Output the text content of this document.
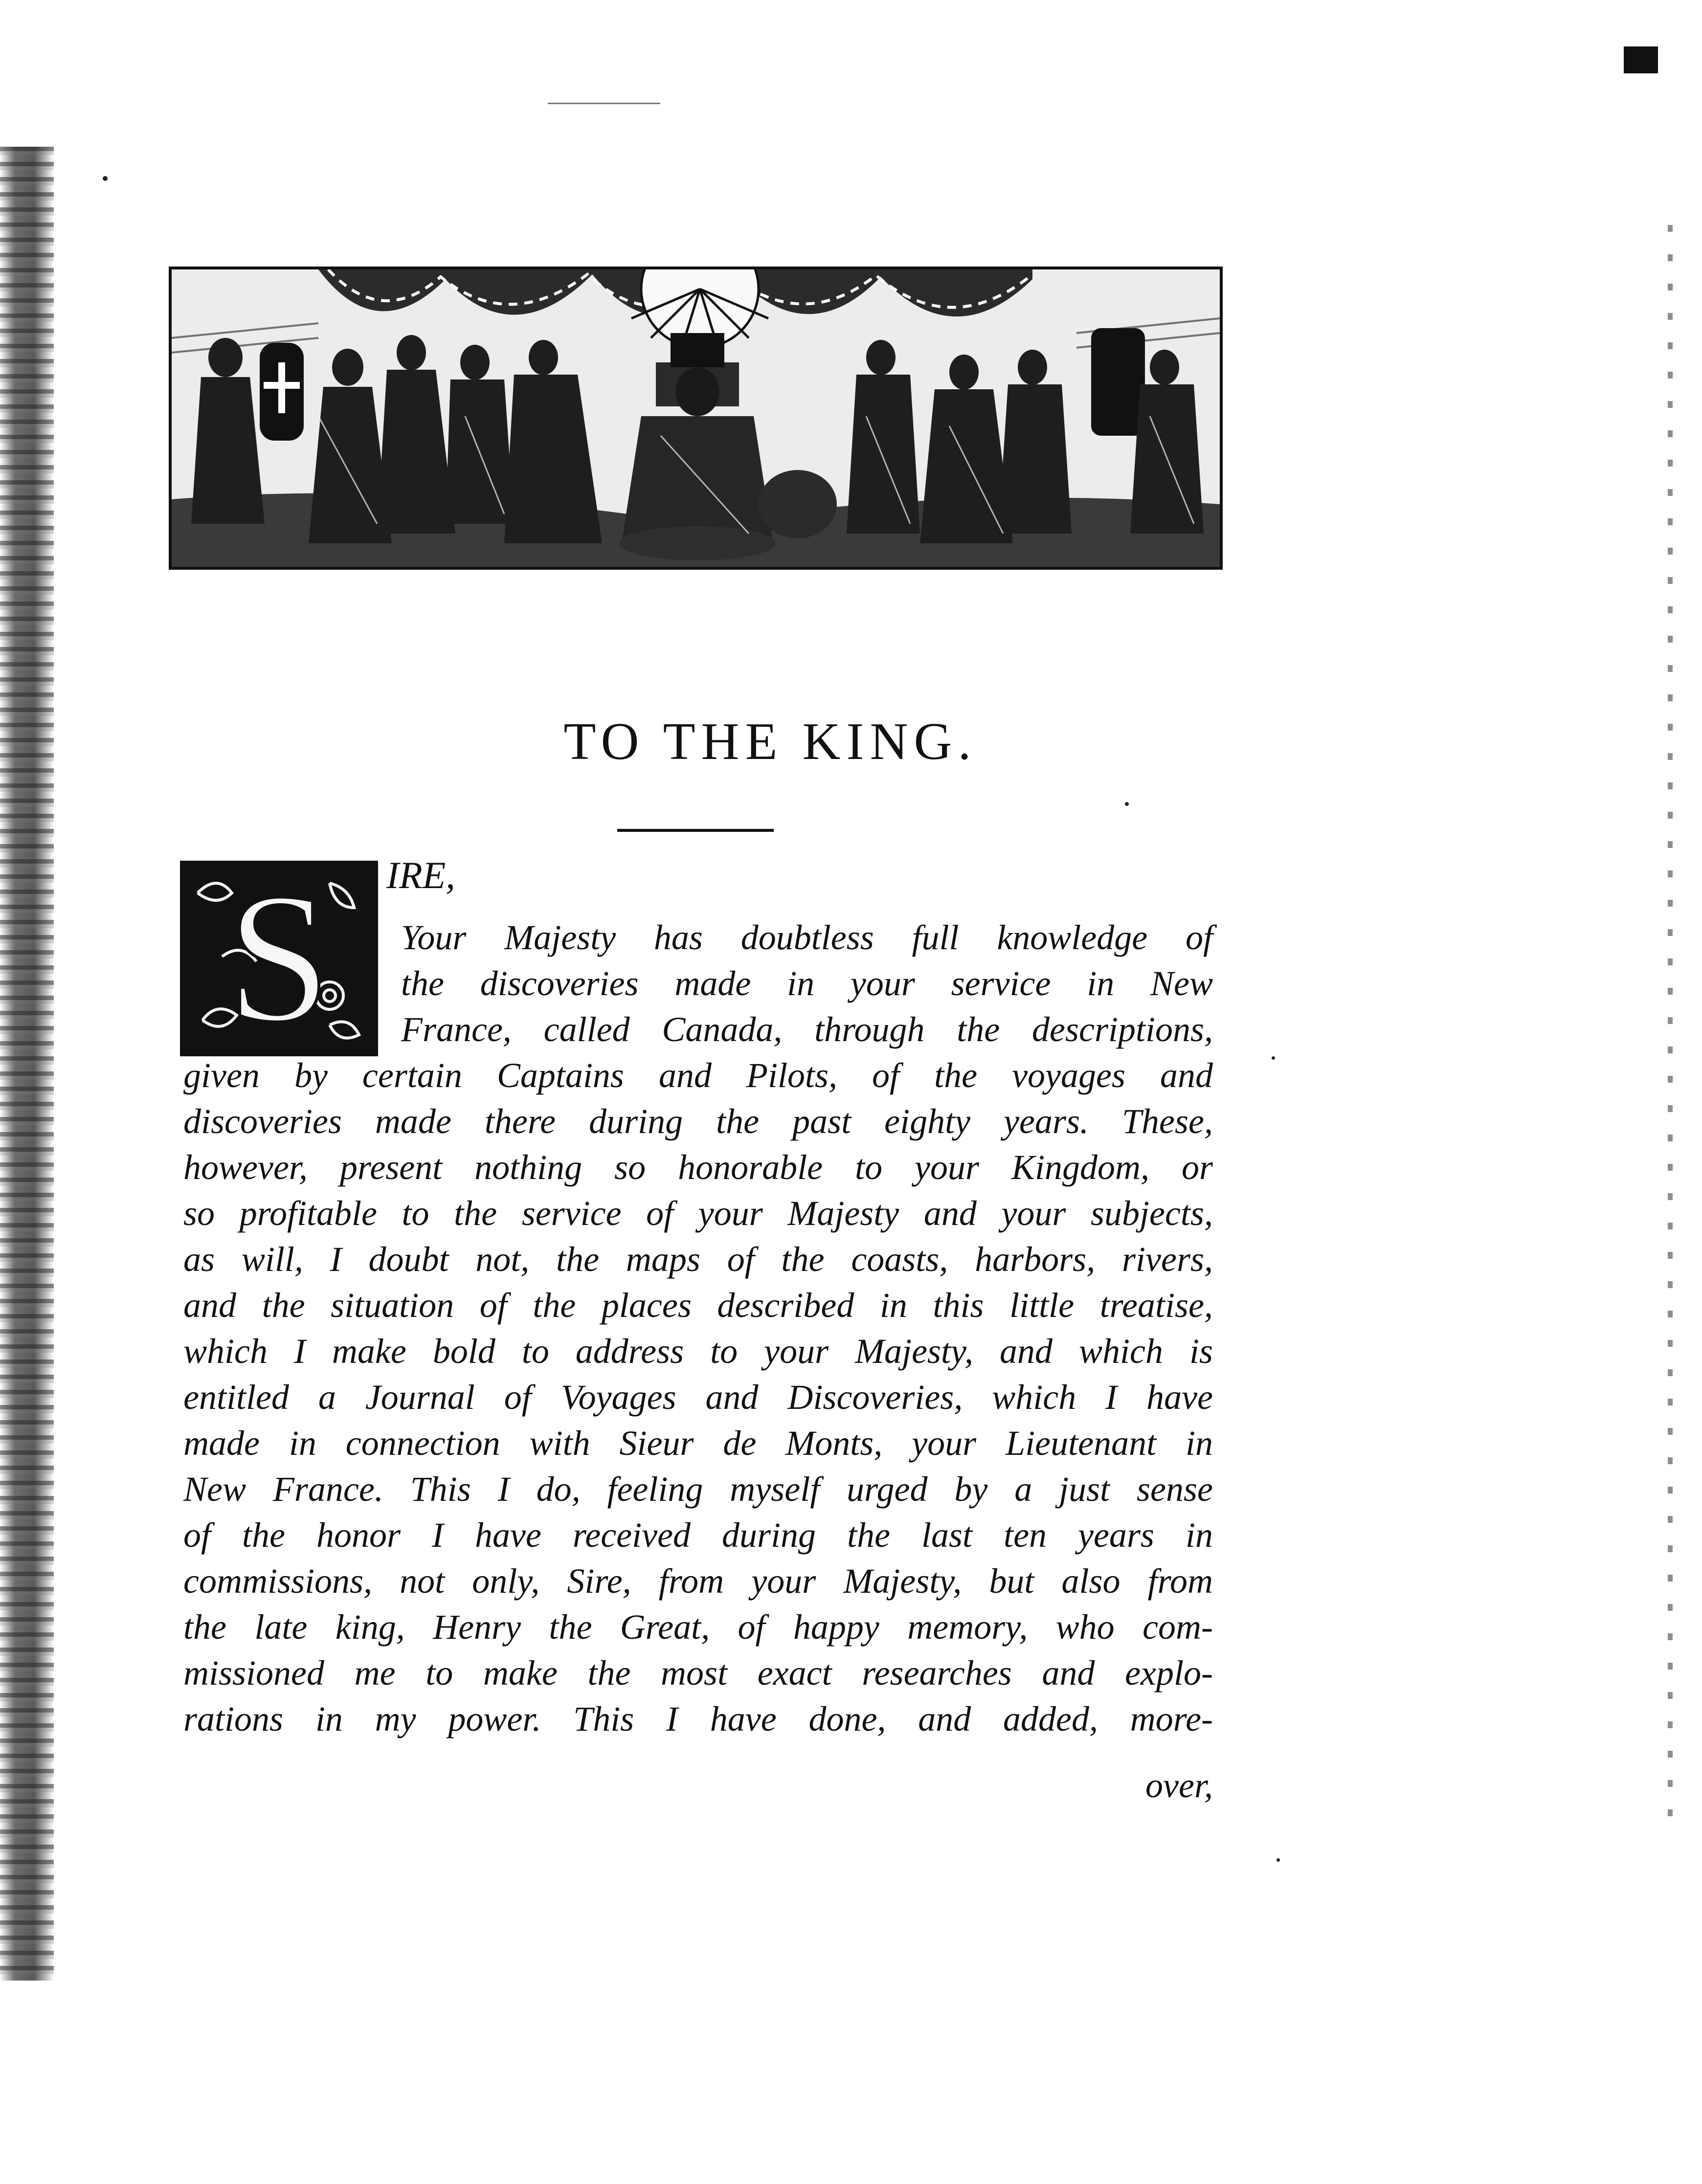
TO THE KING.
S IRE,

Your Majesty has doubtless full knowledge of

the discoveries made in your service in New

France, called Canada, through the descriptions,

given by certain Captains and Pilots, of the voyages and

discoveries made there during the past eighty years. These,

however, present nothing so honorable to your Kingdom, or

so profitable to the service of your Majesty and your subjects,

as will, I doubt not, the maps of the coasts, harbors, rivers,

and the situation of the places described in this little treatise,

which I make bold to address to your Majesty, and which is

entitled a Journal of Voyages and Discoveries, which I have

made in connection with Sieur de Monts, your Lieutenant in

New France. This I do, feeling myself urged by a just sense

of the honor I have received during the last ten years in

commissions, not only, Sire, from your Majesty, but also from

the late king, Henry the Great, of happy memory, who com-

missioned me to make the most exact researches and explo-

rations in my power. This I have done, and added, more-

over,
